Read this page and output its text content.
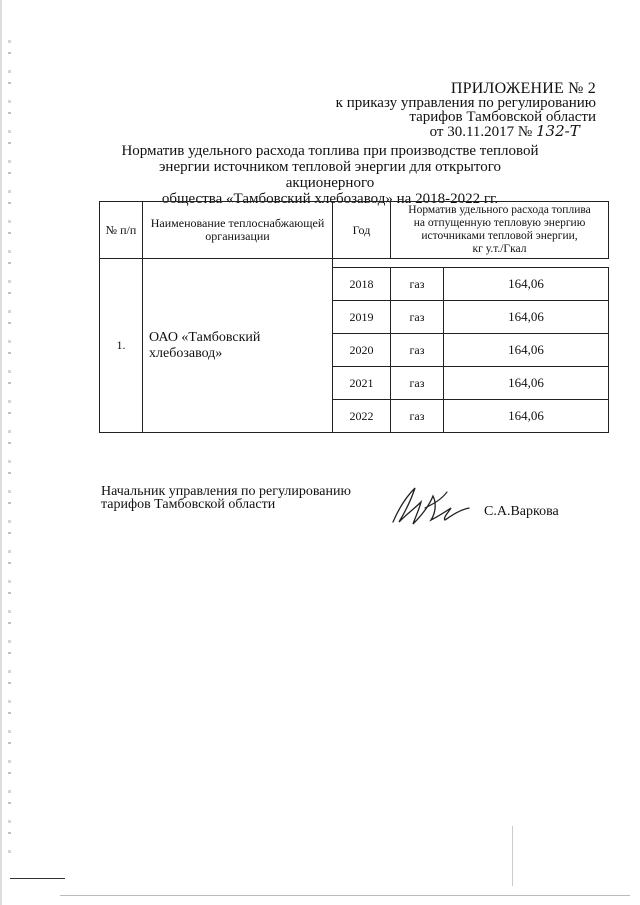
ПРИЛОЖЕНИЕ № 2
к приказу управления по регулированию
тарифов Тамбовской области
от 30.11.2017 № 132-Т
Норматив удельного расхода топлива при производстве тепловой
энергии источником тепловой энергии для открытого акционерного
общества «Тамбовский хлебозавод» на 2018-2022 гг.
№ п/п	Наименование теплоснабжающей организации	Год	Норматив удельного расхода топлива
на отпущенную тепловую энергию
источниками тепловой энергии,
кг у.т./Гкал	

1.	ОАО «Тамбовский хлебозавод»			
		2018	газ	164,06
		2019	газ	164,06
		2020	газ	164,06
		2021	газ	164,06
		2022	газ	164,06
Начальник управления по регулированию
тарифов Тамбовской области	С.А.Варкова
